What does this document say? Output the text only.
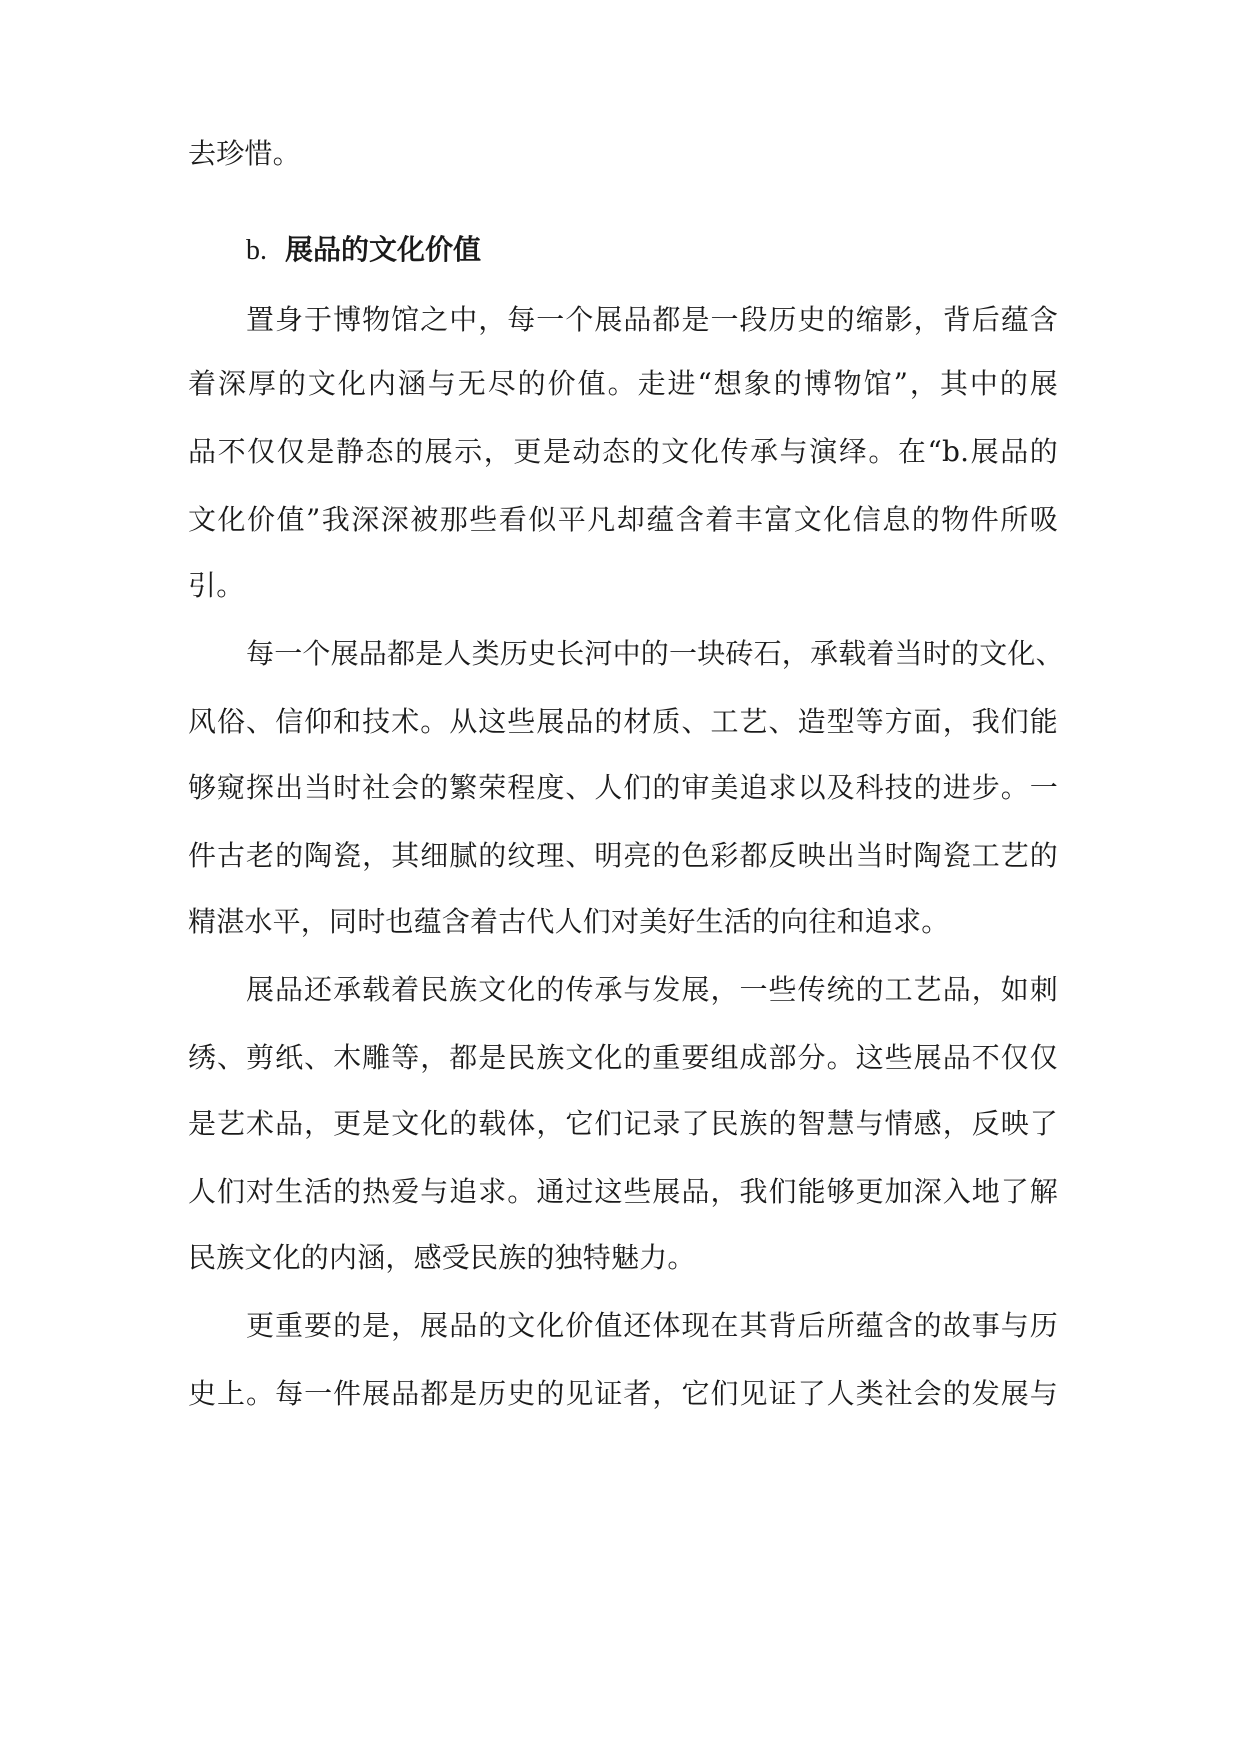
去珍惜。
b. 展品的文化价值
置身于博物馆之中，每一个展品都是一段历史的缩影，背后蕴含
着深厚的文化内涵与无尽的价值。走进“想象的博物馆”，其中的展
品不仅仅是静态的展示，更是动态的文化传承与演绎。在“b.展品的
文化价值”我深深被那些看似平凡却蕴含着丰富文化信息的物件所吸
引。
每一个展品都是人类历史长河中的一块砖石，承载着当时的文化、
风俗、信仰和技术。从这些展品的材质、工艺、造型等方面，我们能
够窥探出当时社会的繁荣程度、人们的审美追求以及科技的进步。一
件古老的陶瓷，其细腻的纹理、明亮的色彩都反映出当时陶瓷工艺的
精湛水平，同时也蕴含着古代人们对美好生活的向往和追求。
展品还承载着民族文化的传承与发展，一些传统的工艺品，如刺
绣、剪纸、木雕等，都是民族文化的重要组成部分。这些展品不仅仅
是艺术品，更是文化的载体，它们记录了民族的智慧与情感，反映了
人们对生活的热爱与追求。通过这些展品，我们能够更加深入地了解
民族文化的内涵，感受民族的独特魅力。
更重要的是，展品的文化价值还体现在其背后所蕴含的故事与历
史上。每一件展品都是历史的见证者，它们见证了人类社会的发展与
